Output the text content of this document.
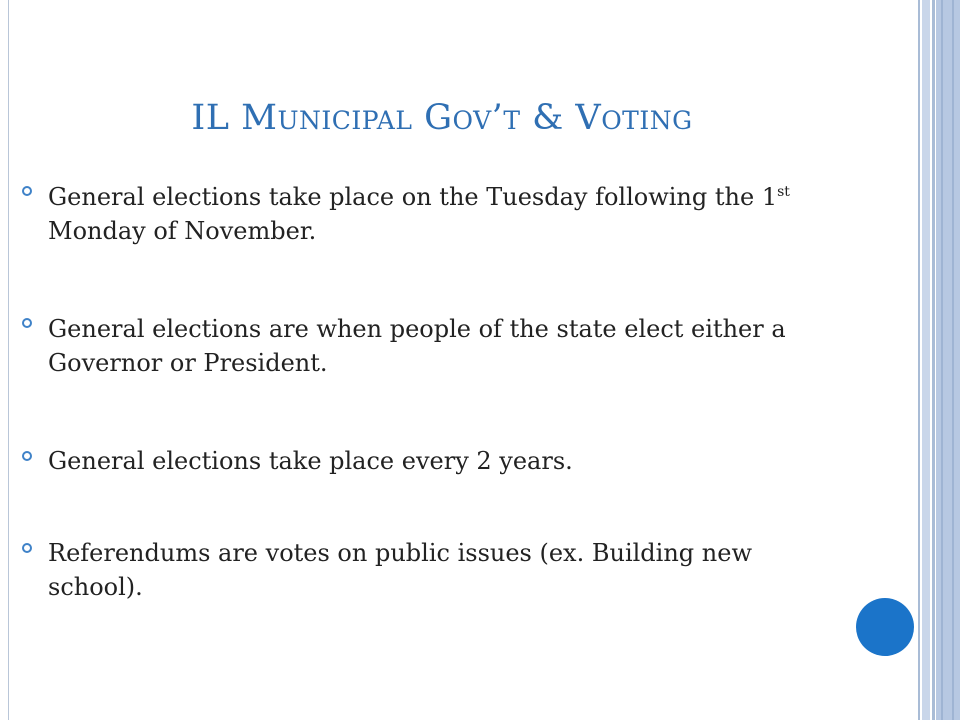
IL MUNICIPAL GOV’T & VOTING
General elections take place on the Tuesday following the 1st Monday of November.
General elections are when people of the state elect either a Governor or President.
General elections take place every 2 years.
Referendums are votes on public issues (ex. Building new school).
